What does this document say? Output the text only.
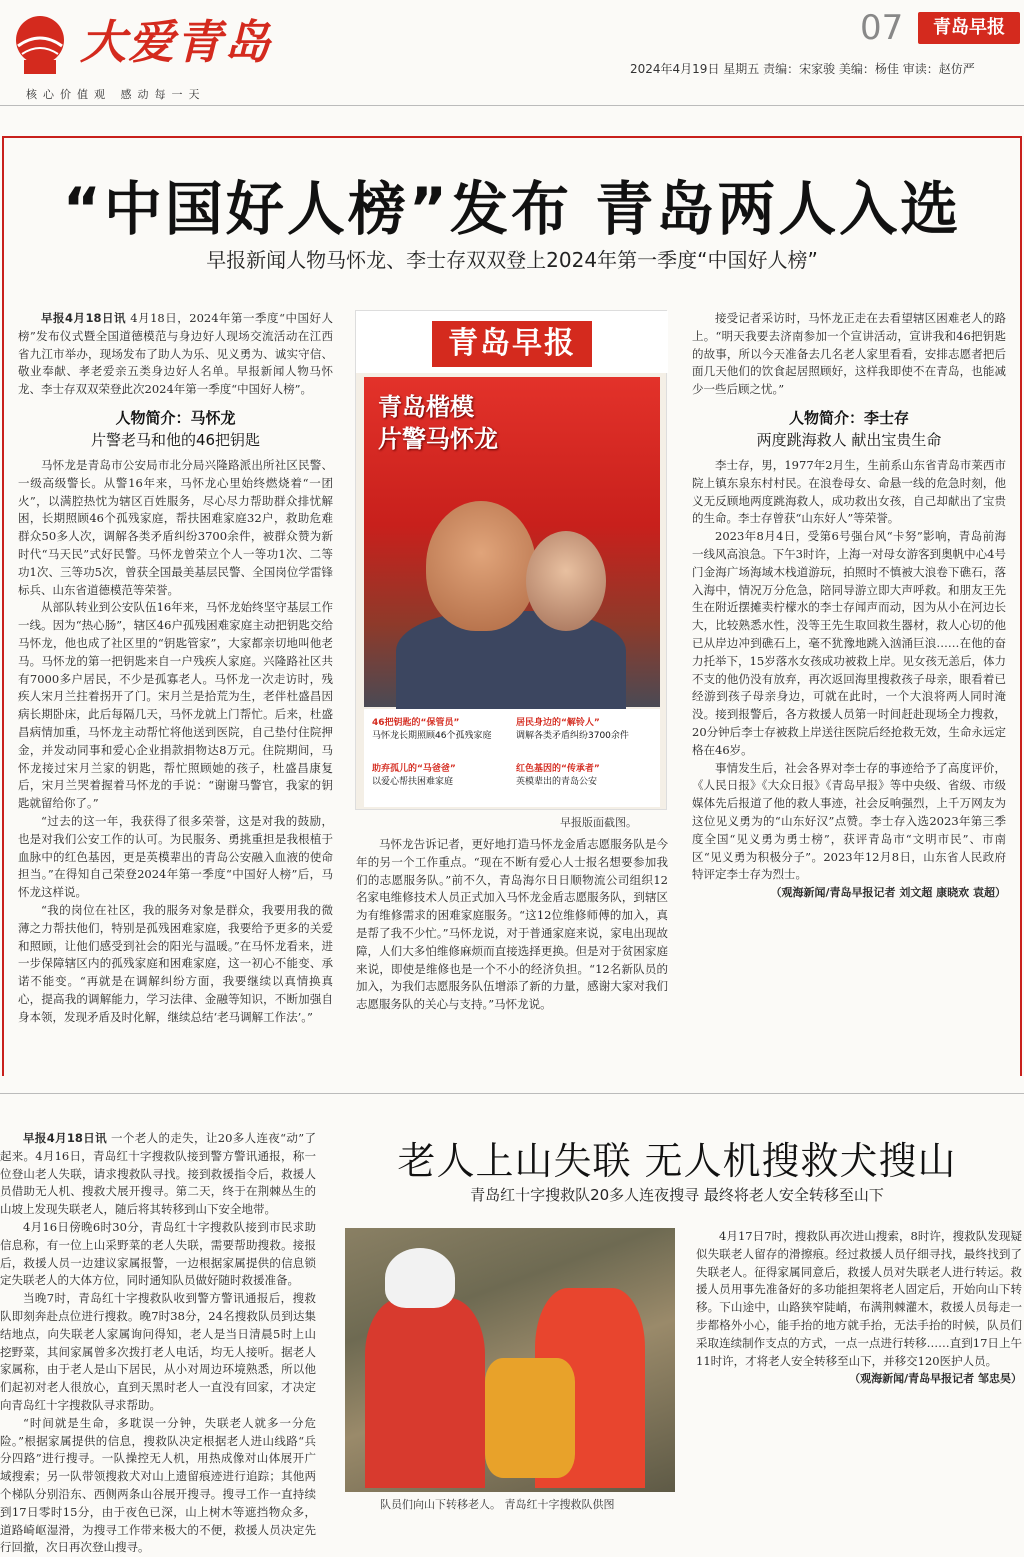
大爱青岛
核心价值观 感动每一天
07	青岛早报
2024年4月19日 星期五 责编：宋家骏 美编：杨佳 审读：赵仿严
“中国好人榜”发布 青岛两人入选
早报新闻人物马怀龙、李士存双双登上2024年第一季度“中国好人榜”

早报4月18日讯 4月18日，2024年第一季度“中国好人榜”发布仪式暨全国道德模范与身边好人现场交流活动在江西省九江市举办，现场发布了助人为乐、见义勇为、诚实守信、敬业奉献、孝老爱亲五类身边好人名单。早报新闻人物马怀龙、李士存双双荣登此次2024年第一季度“中国好人榜”。

人物简介：马怀龙
片警老马和他的46把钥匙

马怀龙是青岛市公安局市北分局兴隆路派出所社区民警、一级高级警长。从警16年来，马怀龙心里始终燃烧着“一团火”，以满腔热忱为辖区百姓服务，尽心尽力帮助群众排忧解困，长期照顾46个孤残家庭，帮扶困难家庭32户，救助危难群众50多人次，调解各类矛盾纠纷3700余件，被群众赞为新时代“马天民”式好民警。马怀龙曾荣立个人一等功1次、二等功1次、三等功5次，曾获全国最美基层民警、全国岗位学雷锋标兵、山东省道德模范等荣誉。

从部队转业到公安队伍16年来，马怀龙始终坚守基层工作一线。因为“热心肠”，辖区46户孤残困难家庭主动把钥匙交给马怀龙，他也成了社区里的“钥匙管家”，大家都亲切地叫他老马。马怀龙的第一把钥匙来自一户残疾人家庭。兴隆路社区共有7000多户居民，不少是孤寡老人。马怀龙一次走访时，残疾人宋月兰拄着拐开了门。宋月兰是拾荒为生，老伴杜盛昌因病长期卧床，此后每隔几天，马怀龙就上门帮忙。后来，杜盛昌病情加重，马怀龙主动帮忙将他送到医院，自己垫付住院押金，并发动同事和爱心企业捐款捐物达8万元。住院期间，马怀龙接过宋月兰家的钥匙，帮忙照顾她的孩子，杜盛昌康复后，宋月兰哭着握着马怀龙的手说：“谢谢马警官，我家的钥匙就留给你了。”

“过去的这一年，我获得了很多荣誉，这是对我的鼓励，也是对我们公安工作的认可。为民服务、勇挑重担是我根植于血脉中的红色基因，更是英模辈出的青岛公安融入血液的使命担当。”在得知自己荣登2024年第一季度“中国好人榜”后，马怀龙这样说。

“我的岗位在社区，我的服务对象是群众，我要用我的微薄之力帮扶他们，特别是孤残困难家庭，我要给予更多的关爱和照顾，让他们感受到社会的阳光与温暖。”在马怀龙看来，进一步保障辖区内的孤残家庭和困难家庭，这一初心不能变、承诺不能变。“再就是在调解纠纷方面，我要继续以真情换真心，提高我的调解能力，学习法律、金融等知识，不断加强自身本领，发现矛盾及时化解，继续总结‘老马调解工作法’。”

青岛早报
青岛楷模
片警马怀龙
46把钥匙的“保管员”
马怀龙长期照顾46个孤残家庭
居民身边的“解铃人”
调解各类矛盾纠纷3700余件
助弃孤儿的“马爸爸”
以爱心帮扶困难家庭
红色基因的“传承者”
英模辈出的青岛公安
早报版面截图。

马怀龙告诉记者，更好地打造马怀龙金盾志愿服务队是今年的另一个工作重点。“现在不断有爱心人士报名想要参加我们的志愿服务队。”前不久，青岛海尔日日顺物流公司组织12名家电维修技术人员正式加入马怀龙金盾志愿服务队，到辖区为有维修需求的困难家庭服务。“这12位维修师傅的加入，真是帮了我不少忙。”马怀龙说，对于普通家庭来说，家电出现故障，人们大多怕维修麻烦而直接选择更换。但是对于贫困家庭来说，即使是维修也是一个不小的经济负担。“12名新队员的加入，为我们志愿服务队伍增添了新的力量，感谢大家对我们志愿服务队的关心与支持。”马怀龙说。

接受记者采访时，马怀龙正走在去看望辖区困难老人的路上。“明天我要去济南参加一个宣讲活动，宣讲我和46把钥匙的故事，所以今天准备去几名老人家里看看，安排志愿者把后面几天他们的饮食起居照顾好，这样我即使不在青岛，也能减少一些后顾之忧。”

人物简介：李士存
两度跳海救人 献出宝贵生命

李士存，男，1977年2月生，生前系山东省青岛市莱西市院上镇东泉东村村民。在浪卷母女、命悬一线的危急时刻，他义无反顾地两度跳海救人，成功救出女孩，自己却献出了宝贵的生命。李士存曾获“山东好人”等荣誉。

2023年8月4日，受第6号强台风“卡努”影响，青岛前海一线风高浪急。下午3时许，上海一对母女游客到奥帆中心4号门金海广场海域木栈道游玩，拍照时不慎被大浪卷下礁石，落入海中，情况万分危急，陪同导游立即大声呼救。和朋友王先生在附近摆摊卖柠檬水的李士存闻声而动，因为从小在河边长大，比较熟悉水性，没等王先生取回救生器材，救人心切的他已从岸边冲到礁石上，毫不犹豫地跳入汹涌巨浪……在他的奋力托举下，15岁落水女孩成功被救上岸。见女孩无恙后，体力不支的他仍没有放弃，再次返回海里搜救孩子母亲，眼看着已经游到孩子母亲身边，可就在此时，一个大浪将两人同时淹没。接到报警后，各方救援人员第一时间赶赴现场全力搜救，20分钟后李士存被救上岸送往医院后经抢救无效，生命永远定格在46岁。

事情发生后，社会各界对李士存的事迹给予了高度评价，《人民日报》《大众日报》《青岛早报》等中央级、省级、市级媒体先后报道了他的救人事迹，社会反响强烈，上千万网友为这位见义勇为的“山东好汉”点赞。李士存入选2023年第三季度全国“见义勇为勇士榜”，获评青岛市“文明市民”、市南区“见义勇为积极分子”。2023年12月8日，山东省人民政府特评定李士存为烈士。

（观海新闻/青岛早报记者 刘文超 康晓欢 袁超）

老人上山失联 无人机搜救犬搜山
青岛红十字搜救队20多人连夜搜寻 最终将老人安全转移至山下

早报4月18日讯 一个老人的走失，让20多人连夜“动”了起来。4月16日，青岛红十字搜救队接到警方警讯通报，称一位登山老人失联，请求搜救队寻找。接到救援指令后，救援人员借助无人机、搜救犬展开搜寻。第二天，终于在荆棘丛生的山坡上发现失联老人，随后将其转移到山下安全地带。

4月16日傍晚6时30分，青岛红十字搜救队接到市民求助信息称，有一位上山采野菜的老人失联，需要帮助搜救。接报后，救援人员一边建议家属报警，一边根据家属提供的信息锁定失联老人的大体方位，同时通知队员做好随时救援准备。

当晚7时，青岛红十字搜救队收到警方警讯通报后，搜救队即刻奔赴点位进行搜救。晚7时38分，24名搜救队员到达集结地点，向失联老人家属询问得知，老人是当日清晨5时上山挖野菜，其间家属曾多次拨打老人电话，均无人接听。据老人家属称，由于老人是山下居民，从小对周边环境熟悉，所以他们起初对老人很放心，直到天黑时老人一直没有回家，才决定向青岛红十字搜救队寻求帮助。

“时间就是生命，多耽误一分钟，失联老人就多一分危险。”根据家属提供的信息，搜救队决定根据老人进山线路“兵分四路”进行搜寻。一队操控无人机，用热成像对山体展开广域搜索；另一队带领搜救犬对山上遗留痕迹进行追踪；其他两个梯队分别沿东、西侧两条山谷展开搜寻。搜寻工作一直持续到17日零时15分，由于夜色已深，山上树木等遮挡物众多，道路崎岖湿滑，为搜寻工作带来极大的不便，救援人员决定先行回撤，次日再次登山搜寻。

队员们向山下转移老人。 青岛红十字搜救队供图

4月17日7时，搜救队再次进山搜索，8时许，搜救队发现疑似失联老人留存的滑擦痕。经过救援人员仔细寻找，最终找到了失联老人。征得家属同意后，救援人员对失联老人进行转运。救援人员用事先准备好的多功能担架将老人固定后，开始向山下转移。下山途中，山路狭窄陡峭，布满荆棘灌木，救援人员每走一步都格外小心，能手抬的地方就手抬，无法手抬的时候，队员们采取连续制作支点的方式，一点一点进行转移……直到17日上午11时许，才将老人安全转移至山下，并移交120医护人员。

（观海新闻/青岛早报记者 邹忠昊）
